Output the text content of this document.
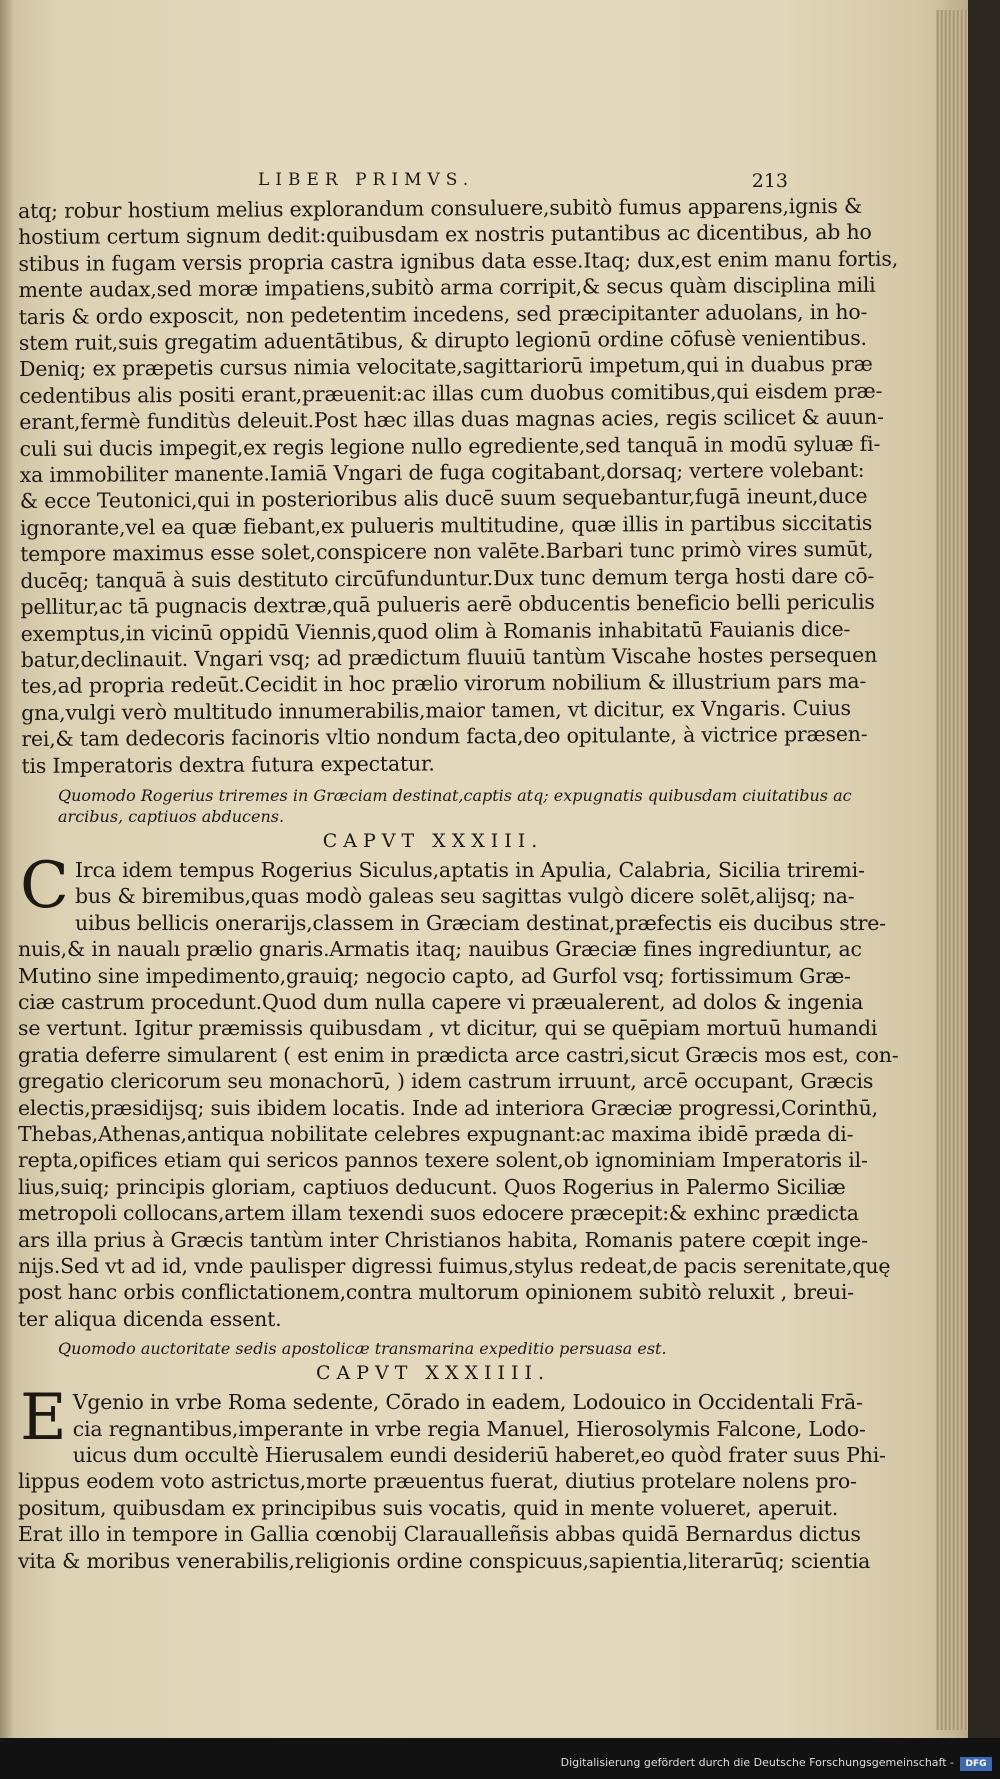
LIBER PRIMVS.	213
atq; robur hostium melius explorandum consuluere,subitò fumus apparens,ignis &
hostium certum signum dedit:quibusdam ex nostris putantibus ac dicentibus, ab ho
stibus in fugam versis propria castra ignibus data esse.Itaq; dux,est enim manu fortis,
mente audax,sed moræ impatiens,subitò arma corripit,& secus quàm disciplina mili
taris & ordo exposcit, non pedetentim incedens, sed præcipitanter aduolans, in ho-
stem ruit,suis gregatim aduentātibus, & dirupto legionū ordine cōfusè venientibus.
Deniq; ex præpetis cursus nimia velocitate,sagittariorū impetum,qui in duabus præ
cedentibus alis positi erant,præuenit:ac illas cum duobus comitibus,qui eisdem præ-
erant,fermè funditùs deleuit.Post hæc illas duas magnas acies, regis scilicet & auun-
culi sui ducis impegit,ex regis legione nullo egrediente,sed tanquā in modū syluæ fi-
xa immobiliter manente.Iamiā Vngari de fuga cogitabant,dorsaq; vertere volebant:
& ecce Teutonici,qui in posterioribus alis ducē suum sequebantur,fugā ineunt,duce
ignorante,vel ea quæ fiebant,ex pulueris multitudine, quæ illis in partibus siccitatis
tempore maximus esse solet,conspicere non valēte.Barbari tunc primò vires sumūt,
ducēq; tanquā à suis destituto circūfunduntur.Dux tunc demum terga hosti dare cō-
pellitur,ac tā pugnacis dextræ,quā pulueris aerē obducentis beneficio belli periculis
exemptus,in vicinū oppidū Viennis,quod olim à Romanis inhabitatū Fauianis dice-
batur,declinauit. Vngari vsq; ad prædictum fluuiū tantùm Viscahe hostes persequen
tes,ad propria redeūt.Cecidit in hoc prælio virorum nobilium & illustrium pars ma-
gna,vulgi verò multitudo innumerabilis,maior tamen, vt dicitur, ex Vngaris. Cuius
rei,& tam dedecoris facinoris vltio nondum facta,deo opitulante, à victrice præsen-
tis Imperatoris dextra futura expectatur.
Quomodo Rogerius triremes in Græciam destinat,captis atq; expugnatis quibusdam ciuitatibus ac
arcibus, captiuos abducens.
CAPVT XXXIII.
C Irca idem tempus Rogerius Siculus,aptatis in Apulia, Calabria, Sicilia triremi-
bus & biremibus,quas modò galeas seu sagittas vulgò dicere solēt,alijsq; na-
uibus bellicis onerarijs,classem in Græciam destinat,præfectis eis ducibus stre-
nuis,& in naualı prælio gnaris.Armatis itaq; nauibus Græciæ fines ingrediuntur, ac
Mutino sine impedimento,grauiq; negocio capto, ad Gurfol vsq; fortissimum Græ-
ciæ castrum procedunt.Quod dum nulla capere vi præualerent, ad dolos & ingenia
se vertunt. Igitur præmissis quibusdam , vt dicitur, qui se quēpiam mortuū humandi
gratia deferre simularent ( est enim in prædicta arce castri,sicut Græcis mos est, con-
gregatio clericorum seu monachorū, ) idem castrum irruunt, arcē occupant, Græcis
electis,præsidijsq; suis ibidem locatis. Inde ad interiora Græciæ progressi,Corinthū,
Thebas,Athenas,antiqua nobilitate celebres expugnant:ac maxima ibidē præda di-
repta,opifices etiam qui sericos pannos texere solent,ob ignominiam Imperatoris il-
lius,suiq; principis gloriam, captiuos deducunt. Quos Rogerius in Palermo Siciliæ
metropoli collocans,artem illam texendi suos edocere præcepit:& exhinc prædicta
ars illa prius à Græcis tantùm inter Christianos habita, Romanis patere cœpit inge-
nijs.Sed vt ad id, vnde paulisper digressi fuimus,stylus redeat,de pacis serenitate,quę
post hanc orbis conflictationem,contra multorum opinionem subitò reluxit , breui-
ter aliqua dicenda essent.
Quomodo auctoritate sedis apostolicæ transmarina expeditio persuasa est.
CAPVT XXXIIII.
E Vgenio in vrbe Roma sedente, Cōrado in eadem, Lodouico in Occidentali Frā-
cia regnantibus,imperante in vrbe regia Manuel, Hierosolymis Falcone, Lodo-
uicus dum occultè Hierusalem eundi desideriū haberet,eo quòd frater suus Phi-
lippus eodem voto astrictus,morte præuentus fuerat, diutius protelare nolens pro-
positum, quibusdam ex principibus suis vocatis, quid in mente volueret, aperuit.
Erat illo in tempore in Gallia cœnobij Claraualleñsis abbas quidā Bernardus dictus
vita & moribus venerabilis,religionis ordine conspicuus,sapientia,literarūq; scientia
Digitalisierung gefördert durch die Deutsche Forschungsgemeinschaft -	DFG
